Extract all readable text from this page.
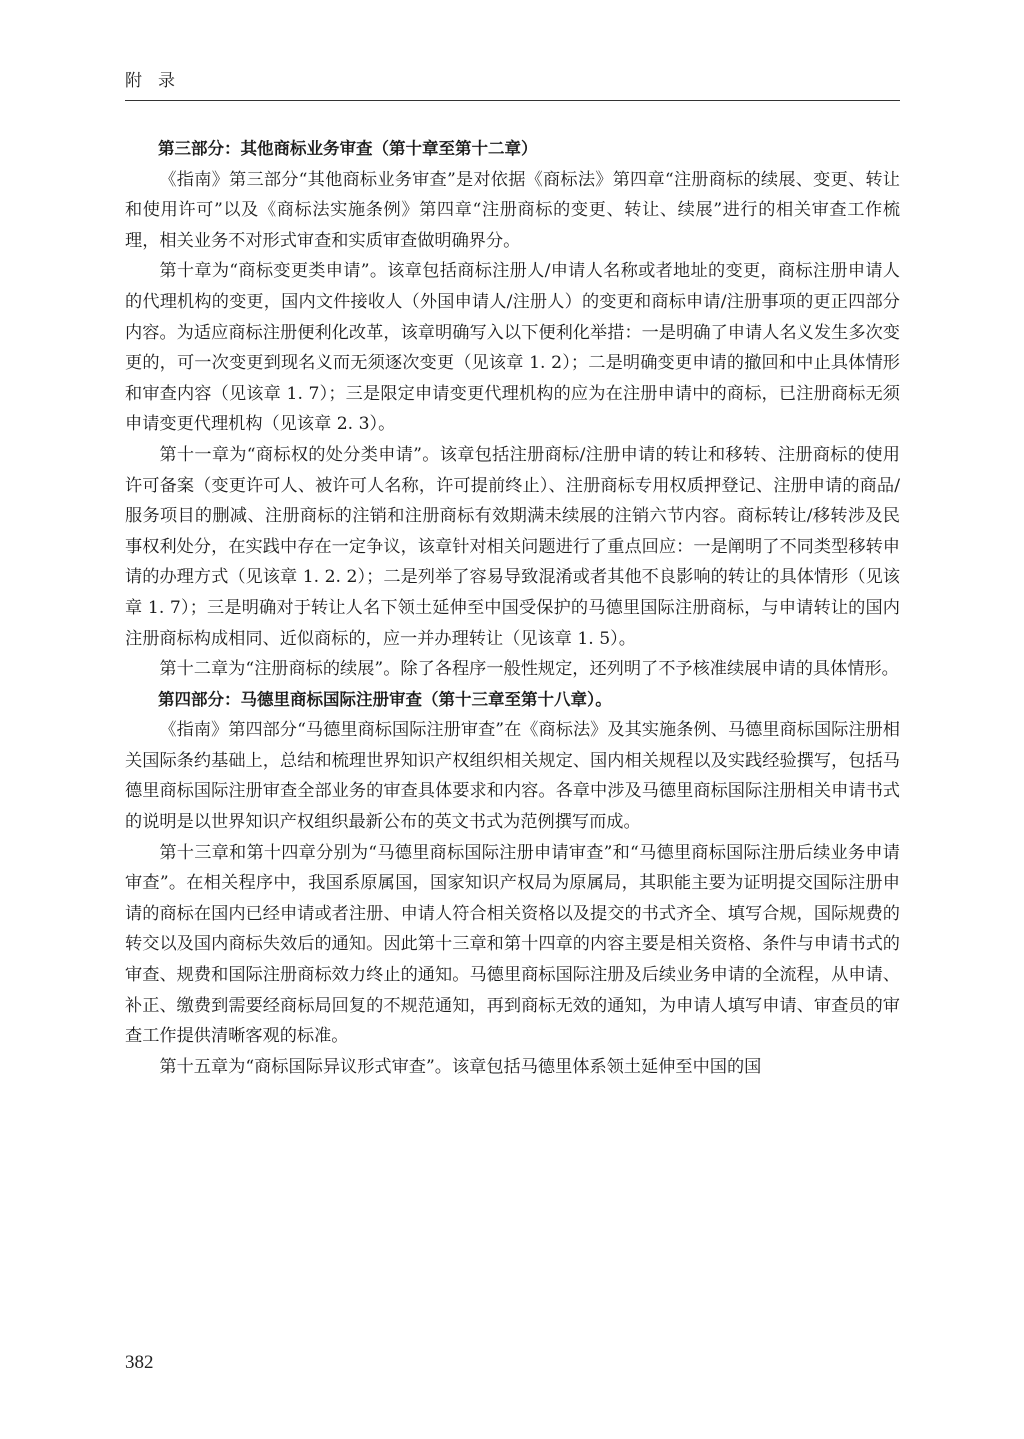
附录

第三部分：其他商标业务审查（第十章至第十二章）

《指南》第三部分“其他商标业务审查”是对依据《商标法》第四章“注册商标的续展、变更、转让和使用许可”以及《商标法实施条例》第四章“注册商标的变更、转让、续展”进行的相关审查工作梳理，相关业务不对形式审查和实质审查做明确界分。

第十章为“商标变更类申请”。该章包括商标注册人/申请人名称或者地址的变更，商标注册申请人的代理机构的变更，国内文件接收人（外国申请人/注册人）的变更和商标申请/注册事项的更正四部分内容。为适应商标注册便利化改革，该章明确写入以下便利化举措：一是明确了申请人名义发生多次变更的，可一次变更到现名义而无须逐次变更（见该章 1. 2）；二是明确变更申请的撤回和中止具体情形和审查内容（见该章 1. 7）；三是限定申请变更代理机构的应为在注册申请中的商标，已注册商标无须申请变更代理机构（见该章 2. 3）。

第十一章为“商标权的处分类申请”。该章包括注册商标/注册申请的转让和移转、注册商标的使用许可备案（变更许可人、被许可人名称，许可提前终止）、注册商标专用权质押登记、注册申请的商品/服务项目的删减、注册商标的注销和注册商标有效期满未续展的注销六节内容。商标转让/移转涉及民事权利处分，在实践中存在一定争议，该章针对相关问题进行了重点回应：一是阐明了不同类型移转申请的办理方式（见该章 1. 2. 2）；二是列举了容易导致混淆或者其他不良影响的转让的具体情形（见该章 1. 7）；三是明确对于转让人名下领土延伸至中国受保护的马德里国际注册商标，与申请转让的国内注册商标构成相同、近似商标的，应一并办理转让（见该章 1. 5）。

第十二章为“注册商标的续展”。除了各程序一般性规定，还列明了不予核准续展申请的具体情形。

第四部分：马德里商标国际注册审查（第十三章至第十八章）。

《指南》第四部分“马德里商标国际注册审查”在《商标法》及其实施条例、马德里商标国际注册相关国际条约基础上，总结和梳理世界知识产权组织相关规定、国内相关规程以及实践经验撰写，包括马德里商标国际注册审查全部业务的审查具体要求和内容。各章中涉及马德里商标国际注册相关申请书式的说明是以世界知识产权组织最新公布的英文书式为范例撰写而成。

第十三章和第十四章分别为“马德里商标国际注册申请审查”和“马德里商标国际注册后续业务申请审查”。在相关程序中，我国系原属国，国家知识产权局为原属局，其职能主要为证明提交国际注册申请的商标在国内已经申请或者注册、申请人符合相关资格以及提交的书式齐全、填写合规，国际规费的转交以及国内商标失效后的通知。因此第十三章和第十四章的内容主要是相关资格、条件与申请书式的审查、规费和国际注册商标效力终止的通知。马德里商标国际注册及后续业务申请的全流程，从申请、补正、缴费到需要经商标局回复的不规范通知，再到商标无效的通知，为申请人填写申请、审查员的审查工作提供清晰客观的标准。

第十五章为“商标国际异议形式审查”。该章包括马德里体系领土延伸至中国的国

382
